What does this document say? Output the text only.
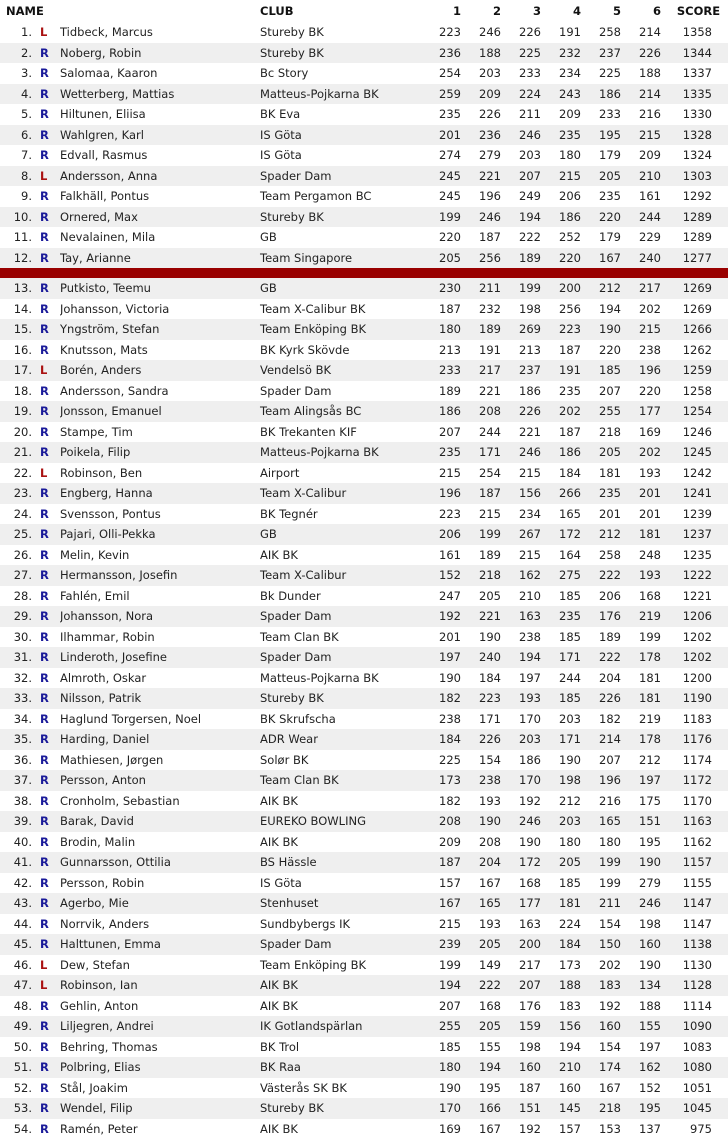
NAME			CLUB	1	2	3	4	5	6	SCORE
1.	L	Tidbeck, Marcus	Stureby BK	223	246	226	191	258	214	1358
2.	R	Noberg, Robin	Stureby BK	236	188	225	232	237	226	1344
3.	R	Salomaa, Kaaron	Bc Story	254	203	233	234	225	188	1337
4.	R	Wetterberg, Mattias	Matteus-Pojkarna BK	259	209	224	243	186	214	1335
5.	R	Hiltunen, Eliisa	BK Eva	235	226	211	209	233	216	1330
6.	R	Wahlgren, Karl	IS Göta	201	236	246	235	195	215	1328
7.	R	Edvall, Rasmus	IS Göta	274	279	203	180	179	209	1324
8.	L	Andersson, Anna	Spader Dam	245	221	207	215	205	210	1303
9.	R	Falkhäll, Pontus	Team Pergamon BC	245	196	249	206	235	161	1292
10.	R	Ornered, Max	Stureby BK	199	246	194	186	220	244	1289
11.	R	Nevalainen, Mila	GB	220	187	222	252	179	229	1289
12.	R	Tay, Arianne	Team Singapore	205	256	189	220	167	240	1277

13.	R	Putkisto, Teemu	GB	230	211	199	200	212	217	1269
14.	R	Johansson, Victoria	Team X-Calibur BK	187	232	198	256	194	202	1269
15.	R	Yngström, Stefan	Team Enköping BK	180	189	269	223	190	215	1266
16.	R	Knutsson, Mats	BK Kyrk Skövde	213	191	213	187	220	238	1262
17.	L	Borén, Anders	Vendelsö BK	233	217	237	191	185	196	1259
18.	R	Andersson, Sandra	Spader Dam	189	221	186	235	207	220	1258
19.	R	Jonsson, Emanuel	Team Alingsås BC	186	208	226	202	255	177	1254
20.	R	Stampe, Tim	BK Trekanten KIF	207	244	221	187	218	169	1246
21.	R	Poikela, Filip	Matteus-Pojkarna BK	235	171	246	186	205	202	1245
22.	L	Robinson, Ben	Airport	215	254	215	184	181	193	1242
23.	R	Engberg, Hanna	Team X-Calibur	196	187	156	266	235	201	1241
24.	R	Svensson, Pontus	BK Tegnér	223	215	234	165	201	201	1239
25.	R	Pajari, Olli-Pekka	GB	206	199	267	172	212	181	1237
26.	R	Melin, Kevin	AIK BK	161	189	215	164	258	248	1235
27.	R	Hermansson, Josefin	Team X-Calibur	152	218	162	275	222	193	1222
28.	R	Fahlén, Emil	Bk Dunder	247	205	210	185	206	168	1221
29.	R	Johansson, Nora	Spader Dam	192	221	163	235	176	219	1206
30.	R	Ilhammar, Robin	Team Clan BK	201	190	238	185	189	199	1202
31.	R	Linderoth, Josefine	Spader Dam	197	240	194	171	222	178	1202
32.	R	Almroth, Oskar	Matteus-Pojkarna BK	190	184	197	244	204	181	1200
33.	R	Nilsson, Patrik	Stureby BK	182	223	193	185	226	181	1190
34.	R	Haglund Torgersen, Noel	BK Skrufscha	238	171	170	203	182	219	1183
35.	R	Harding, Daniel	ADR Wear	184	226	203	171	214	178	1176
36.	R	Mathiesen, Jørgen	Solør BK	225	154	186	190	207	212	1174
37.	R	Persson, Anton	Team Clan BK	173	238	170	198	196	197	1172
38.	R	Cronholm, Sebastian	AIK BK	182	193	192	212	216	175	1170
39.	R	Barak, David	EUREKO BOWLING	208	190	246	203	165	151	1163
40.	R	Brodin, Malin	AIK BK	209	208	190	180	180	195	1162
41.	R	Gunnarsson, Ottilia	BS Hässle	187	204	172	205	199	190	1157
42.	R	Persson, Robin	IS Göta	157	167	168	185	199	279	1155
43.	R	Agerbo, Mie	Stenhuset	167	165	177	181	211	246	1147
44.	R	Norrvik, Anders	Sundbybergs IK	215	193	163	224	154	198	1147
45.	R	Halttunen, Emma	Spader Dam	239	205	200	184	150	160	1138
46.	L	Dew, Stefan	Team Enköping BK	199	149	217	173	202	190	1130
47.	L	Robinson, Ian	AIK BK	194	222	207	188	183	134	1128
48.	R	Gehlin, Anton	AIK BK	207	168	176	183	192	188	1114
49.	R	Liljegren, Andrei	IK Gotlandspärlan	255	205	159	156	160	155	1090
50.	R	Behring, Thomas	BK Trol	185	155	198	194	154	197	1083
51.	R	Polbring, Elias	BK Raa	180	194	160	210	174	162	1080
52.	R	Stål, Joakim	Västerås SK BK	190	195	187	160	167	152	1051
53.	R	Wendel, Filip	Stureby BK	170	166	151	145	218	195	1045
54.	R	Ramén, Peter	AIK BK	169	167	192	157	153	137	975
